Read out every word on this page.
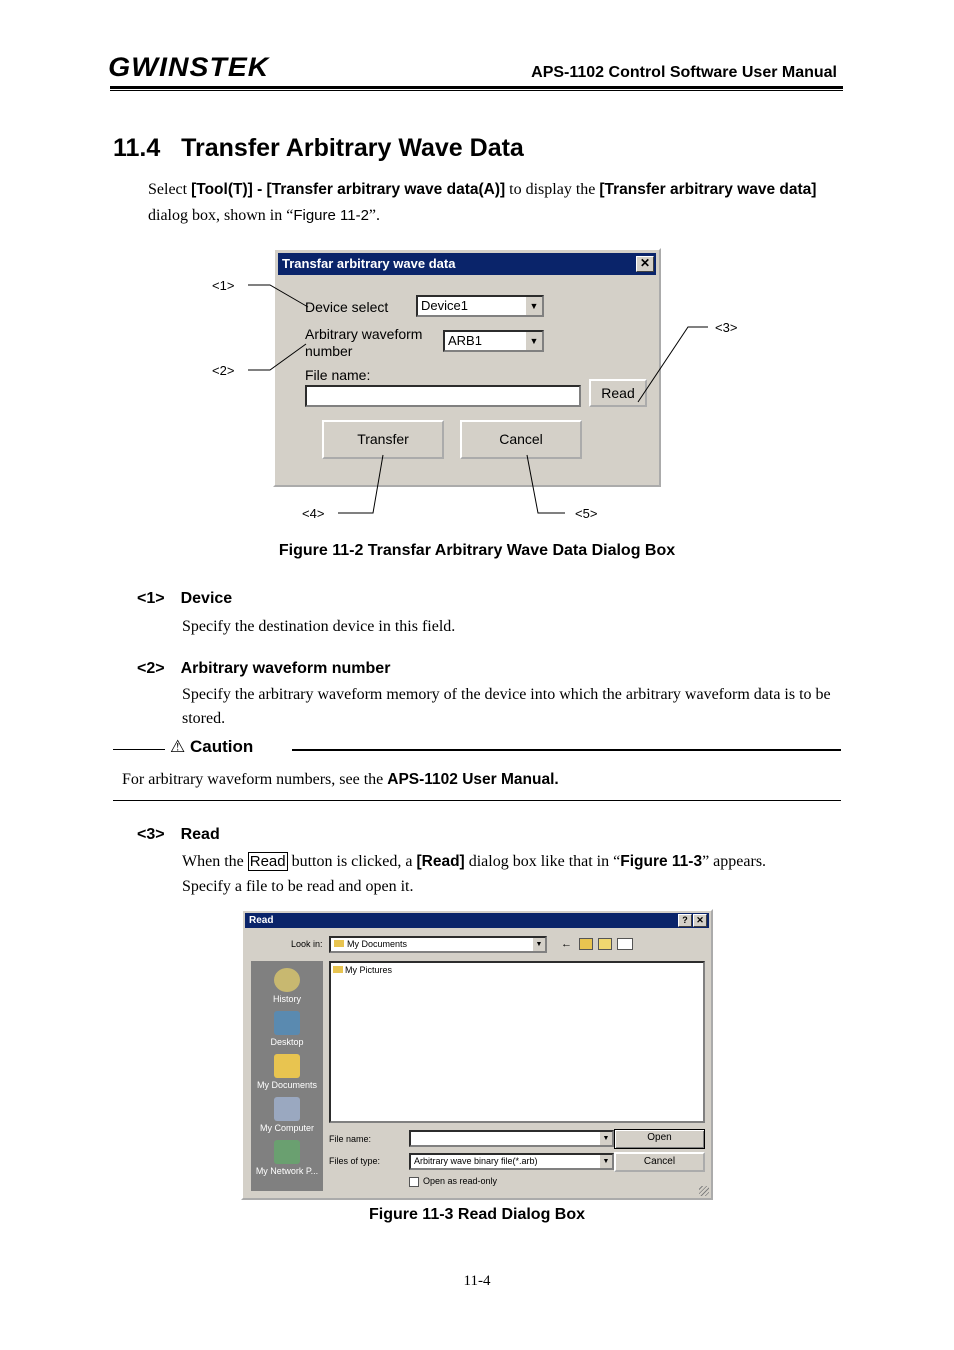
GWINSTEK	APS-1102 Control Software User Manual
11.4   Transfer Arbitrary Wave Data
Select [Tool(T)] - [Transfer arbitrary wave data(A)] to display the [Transfer arbitrary wave data] dialog box, shown in “Figure 11-2”.
Transfar arbitrary wave data	✕
Device select	Device1	▼
Arbitrary waveform
number
ARB1	▼
File name:
Read
Transfer	Cancel
<1>
<2>
<3>
<4>	<5>
Figure 11-2 Transfar Arbitrary Wave Data Dialog Box
<1> Device
Specify the destination device in this field.
<2> Arbitrary waveform number
Specify the arbitrary waveform memory of the device into which the arbitrary waveform data is to be stored.
⚠ Caution
For arbitrary waveform numbers, see the APS-1102 User Manual.
<3> Read
When the Read button is clicked, a [Read] dialog box like that in “Figure 11-3” appears.
Specify a file to be read and open it.
Read	? ✕
Look in:	My Documents	▼ ←
History
Desktop
My Documents
My Computer
My Network P...
My Pictures
File name:	▼
Files of type:	Arbitrary wave binary file(*.arb)	▼
Open as read-only
Open
Cancel
Figure 11-3 Read Dialog Box
11-4
